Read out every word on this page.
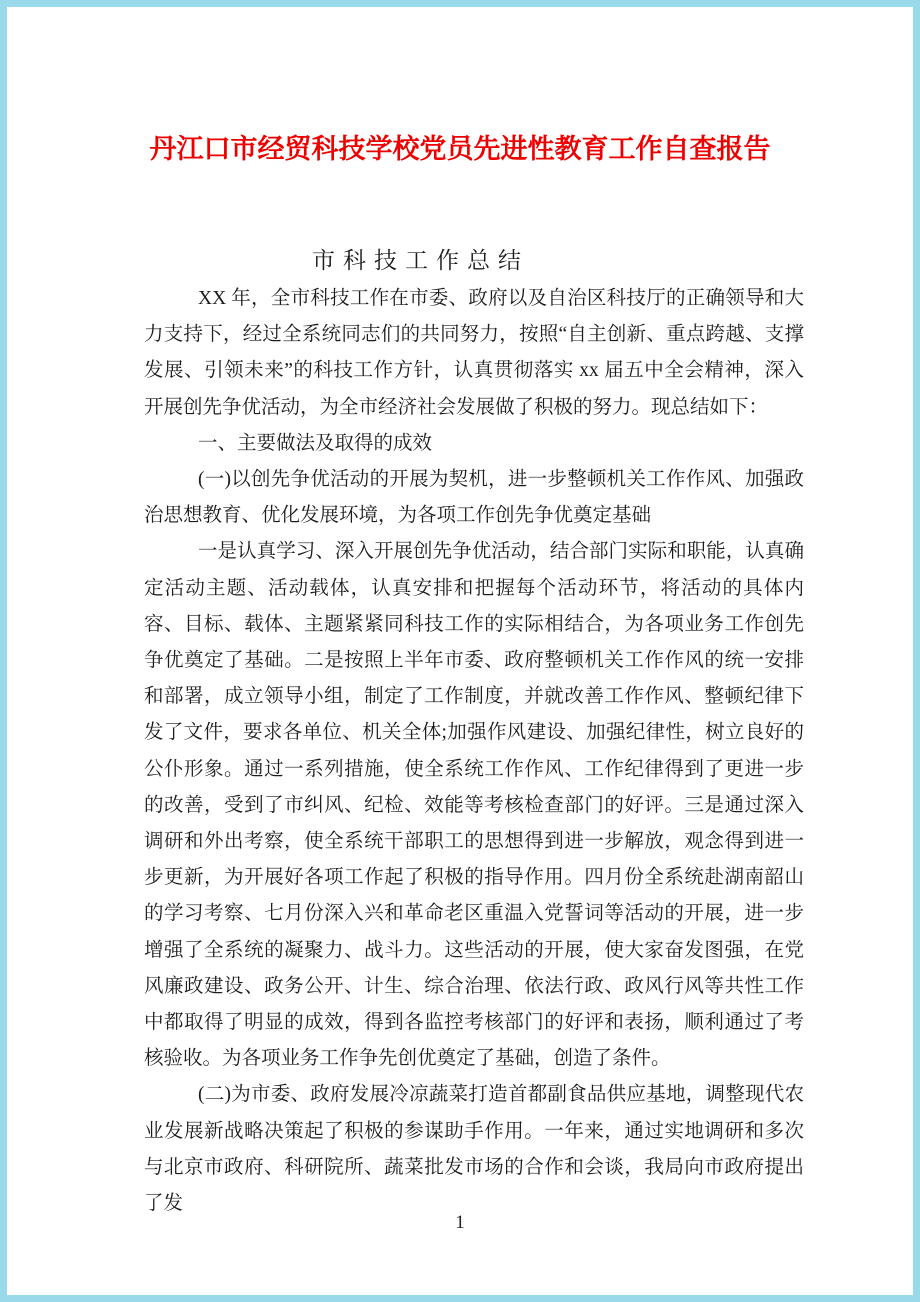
丹江口市经贸科技学校党员先进性教育工作自查报告
市科技工作总结

XX 年，全市科技工作在市委、政府以及自治区科技厅的正确领导和大力支持下，经过全系统同志们的共同努力，按照“自主创新、重点跨越、支撑发展、引领未来”的科技工作方针，认真贯彻落实 xx 届五中全会精神，深入开展创先争优活动，为全市经济社会发展做了积极的努力。现总结如下：

一、主要做法及取得的成效

(一)以创先争优活动的开展为契机，进一步整顿机关工作作风、加强政治思想教育、优化发展环境，为各项工作创先争优奠定基础

一是认真学习、深入开展创先争优活动，结合部门实际和职能，认真确定活动主题、活动载体，认真安排和把握每个活动环节，将活动的具体内容、目标、载体、主题紧紧同科技工作的实际相结合，为各项业务工作创先争优奠定了基础。二是按照上半年市委、政府整顿机关工作作风的统一安排和部署，成立领导小组，制定了工作制度，并就改善工作作风、整顿纪律下发了文件，要求各单位、机关全体;加强作风建设、加强纪律性，树立良好的公仆形象。通过一系列措施，使全系统工作作风、工作纪律得到了更进一步的改善，受到了市纠风、纪检、效能等考核检查部门的好评。三是通过深入调研和外出考察，使全系统干部职工的思想得到进一步解放，观念得到进一步更新，为开展好各项工作起了积极的指导作用。四月份全系统赴湖南韶山的学习考察、七月份深入兴和革命老区重温入党誓词等活动的开展，进一步增强了全系统的凝聚力、战斗力。这些活动的开展，使大家奋发图强，在党风廉政建设、政务公开、计生、综合治理、依法行政、政风行风等共性工作中都取得了明显的成效，得到各监控考核部门的好评和表扬，顺利通过了考核验收。为各项业务工作争先创优奠定了基础，创造了条件。

(二)为市委、政府发展冷凉蔬菜打造首都副食品供应基地，调整现代农业发展新战略决策起了积极的参谋助手作用。一年来，通过实地调研和多次与北京市政府、科研院所、蔬菜批发市场的合作和会谈，我局向市政府提出了发

1
